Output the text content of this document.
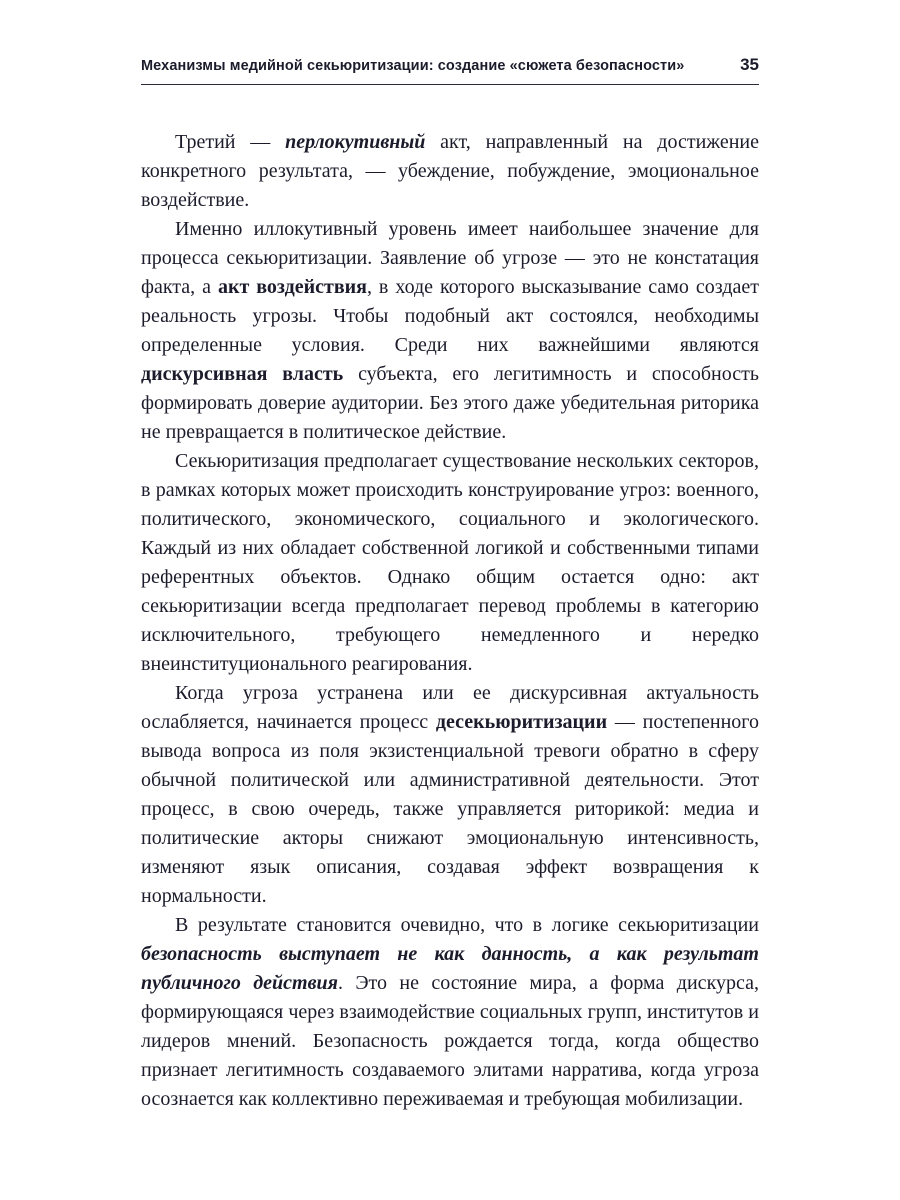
Механизмы медийной секьюритизации: создание «сюжета безопасности»	35

Третий — перлокутивный акт, направленный на достижение конкретного результата, — убеждение, побуждение, эмоциональное воздействие.

Именно иллокутивный уровень имеет наибольшее значение для процесса секьюритизации. Заявление об угрозе — это не констатация факта, а акт воздействия, в ходе которого высказывание само создает реальность угрозы. Чтобы подобный акт состоялся, необходимы определенные условия. Среди них важнейшими являются дискурсивная власть субъекта, его легитимность и способность формировать доверие аудитории. Без этого даже убедительная риторика не превращается в политическое действие.

Секьюритизация предполагает существование нескольких секторов, в рамках которых может происходить конструирование угроз: военного, политического, экономического, социального и экологического. Каждый из них обладает собственной логикой и собственными типами референтных объектов. Однако общим остается одно: акт секьюритизации всегда предполагает перевод проблемы в категорию исключительного, требующего немедленного и нередко внеинституционального реагирования.

Когда угроза устранена или ее дискурсивная актуальность ослабляется, начинается процесс десекьюритизации — постепенного вывода вопроса из поля экзистенциальной тревоги обратно в сферу обычной политической или административной деятельности. Этот процесс, в свою очередь, также управляется риторикой: медиа и политические акторы снижают эмоциональную интенсивность, изменяют язык описания, создавая эффект возвращения к нормальности.

В результате становится очевидно, что в логике секьюритизации безопасность выступает не как данность, а как результат публичного действия. Это не состояние мира, а форма дискурса, формирующаяся через взаимодействие социальных групп, институтов и лидеров мнений. Безопасность рождается тогда, когда общество признает легитимность создаваемого элитами нарратива, когда угроза осознается как коллективно переживаемая и требующая мобилизации.
